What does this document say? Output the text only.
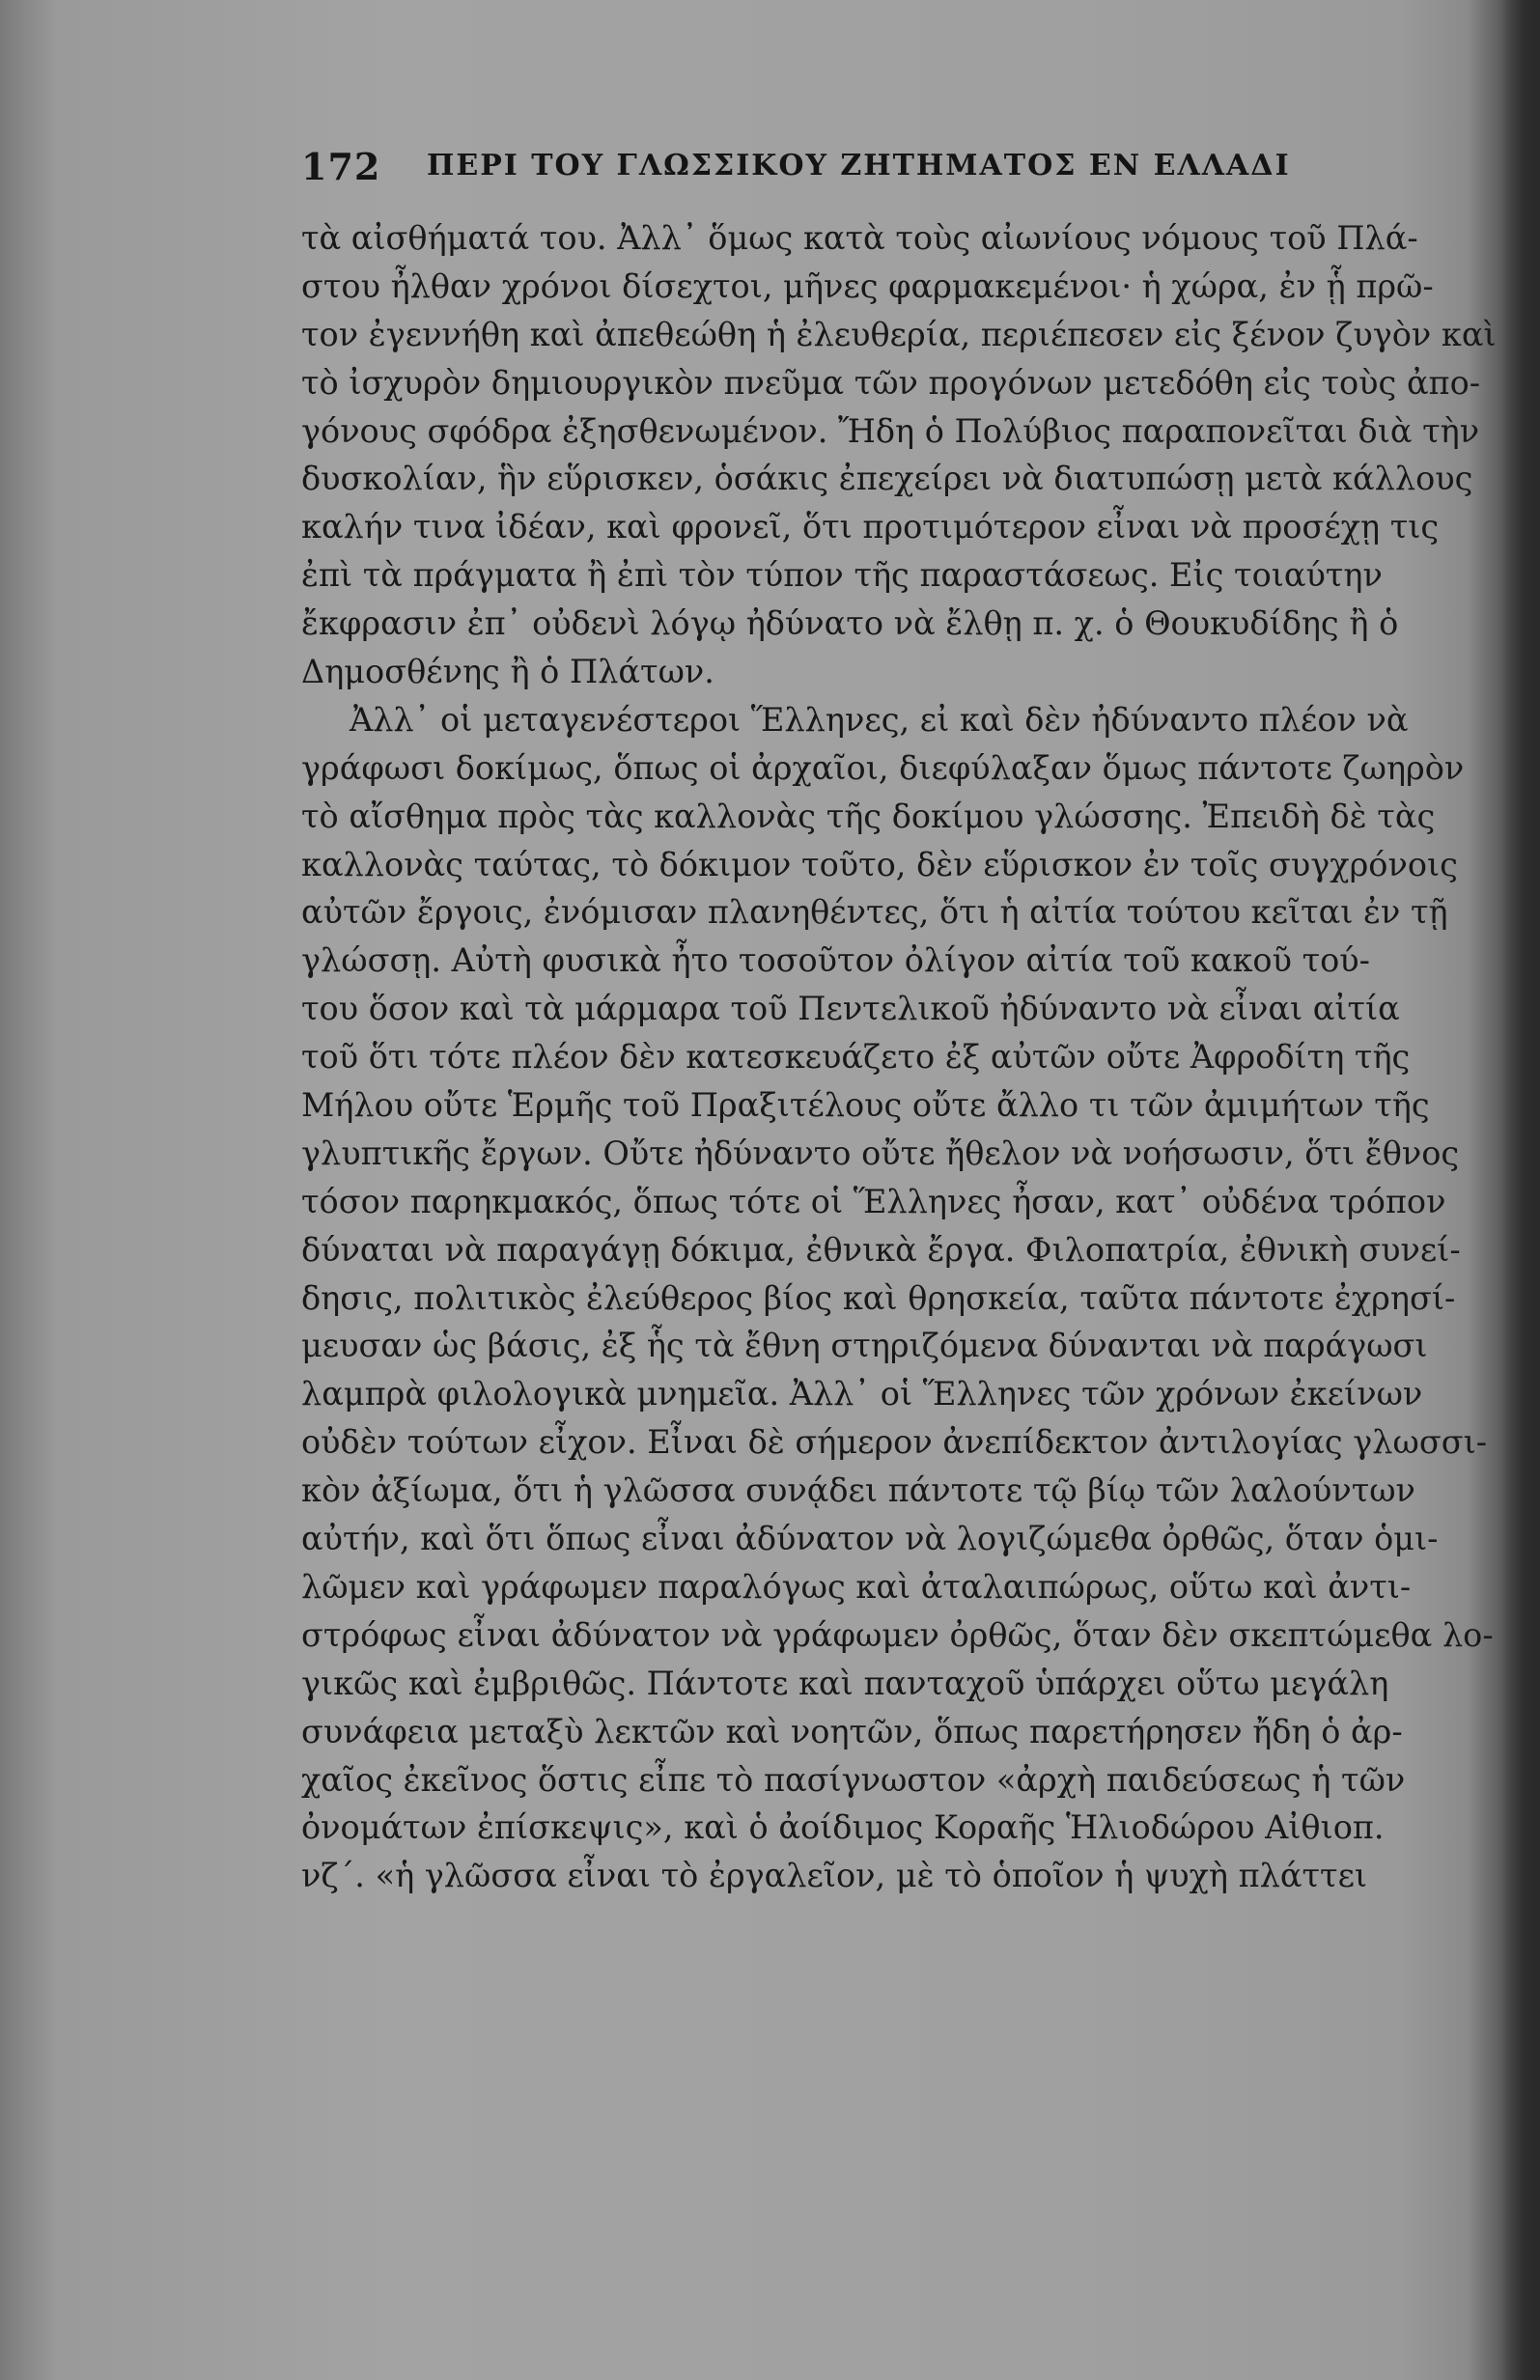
172 ΠΕΡΙ ΤΟΥ ΓΛΩΣΣΙΚΟΥ ΖΗΤΗΜΑΤΟΣ ΕΝ ΕΛΛΑΔΙ
τὰ αἰσθήματά του. Ἀλλ᾽ ὅμως κατὰ τοὺς αἰωνίους νόμους τοῦ Πλά-
στου ἦλθαν χρόνοι δίσεχτοι, μῆνες φαρμακεμένοι· ἡ χώρα, ἐν ᾗ πρῶ-
τον ἐγεννήθη καὶ ἀπεθεώθη ἡ ἐλευθερία, περιέπεσεν εἰς ξένον ζυγὸν καὶ
τὸ ἰσχυρὸν δημιουργικὸν πνεῦμα τῶν προγόνων μετεδόθη εἰς τοὺς ἀπο-
γόνους σφόδρα ἐξησθενωμένον. Ἤδη ὁ Πολύβιος παραπονεῖται διὰ τὴν
δυσκολίαν, ἣν εὕρισκεν, ὁσάκις ἐπεχείρει νὰ διατυπώσῃ μετὰ κάλλους
καλήν τινα ἰδέαν, καὶ φρονεῖ, ὅτι προτιμότερον εἶναι νὰ προσέχῃ τις
ἐπὶ τὰ πράγματα ἢ ἐπὶ τὸν τύπον τῆς παραστάσεως. Εἰς τοιαύτην
ἔκφρασιν ἐπ᾽ οὐδενὶ λόγῳ ἠδύνατο νὰ ἔλθῃ π. χ. ὁ Θουκυδίδης ἢ ὁ
Δημοσθένης ἢ ὁ Πλάτων.
Ἀλλ᾽ οἱ μεταγενέστεροι Ἕλληνες, εἰ καὶ δὲν ἠδύναντο πλέον νὰ
γράφωσι δοκίμως, ὅπως οἱ ἀρχαῖοι, διεφύλαξαν ὅμως πάντοτε ζωηρὸν
τὸ αἴσθημα πρὸς τὰς καλλονὰς τῆς δοκίμου γλώσσης. Ἐπειδὴ δὲ τὰς
καλλονὰς ταύτας, τὸ δόκιμον τοῦτο, δὲν εὕρισκον ἐν τοῖς συγχρόνοις
αὐτῶν ἔργοις, ἐνόμισαν πλανηθέντες, ὅτι ἡ αἰτία τούτου κεῖται ἐν τῇ
γλώσσῃ. Αὐτὴ φυσικὰ ἦτο τοσοῦτον ὀλίγον αἰτία τοῦ κακοῦ τού-
του ὅσον καὶ τὰ μάρμαρα τοῦ Πεντελικοῦ ἠδύναντο νὰ εἶναι αἰτία
τοῦ ὅτι τότε πλέον δὲν κατεσκευάζετο ἐξ αὐτῶν οὔτε Ἀφροδίτη τῆς
Μήλου οὔτε Ἑρμῆς τοῦ Πραξιτέλους οὔτε ἄλλο τι τῶν ἀμιμήτων τῆς
γλυπτικῆς ἔργων. Οὔτε ἠδύναντο οὔτε ἤθελον νὰ νοήσωσιν, ὅτι ἔθνος
τόσον παρηκμακός, ὅπως τότε οἱ Ἕλληνες ἦσαν, κατ᾽ οὐδένα τρόπον
δύναται νὰ παραγάγῃ δόκιμα, ἐθνικὰ ἔργα. Φιλοπατρία, ἐθνικὴ συνεί-
δησις, πολιτικὸς ἐλεύθερος βίος καὶ θρησκεία, ταῦτα πάντοτε ἐχρησί-
μευσαν ὡς βάσις, ἐξ ἧς τὰ ἔθνη στηριζόμενα δύνανται νὰ παράγωσι
λαμπρὰ φιλολογικὰ μνημεῖα. Ἀλλ᾽ οἱ Ἕλληνες τῶν χρόνων ἐκείνων
οὐδὲν τούτων εἶχον. Εἶναι δὲ σήμερον ἀνεπίδεκτον ἀντιλογίας γλωσσι-
κὸν ἀξίωμα, ὅτι ἡ γλῶσσα συνᾴδει πάντοτε τῷ βίῳ τῶν λαλούντων
αὐτήν, καὶ ὅτι ὅπως εἶναι ἀδύνατον νὰ λογιζώμεθα ὀρθῶς, ὅταν ὁμι-
λῶμεν καὶ γράφωμεν παραλόγως καὶ ἀταλαιπώρως, οὕτω καὶ ἀντι-
στρόφως εἶναι ἀδύνατον νὰ γράφωμεν ὀρθῶς, ὅταν δὲν σκεπτώμεθα λο-
γικῶς καὶ ἐμβριθῶς. Πάντοτε καὶ πανταχοῦ ὑπάρχει οὕτω μεγάλη
συνάφεια μεταξὺ λεκτῶν καὶ νοητῶν, ὅπως παρετήρησεν ἤδη ὁ ἀρ-
χαῖος ἐκεῖνος ὅστις εἶπε τὸ πασίγνωστον «ἀρχὴ παιδεύσεως ἡ τῶν
ὀνομάτων ἐπίσκεψις», καὶ ὁ ἀοίδιμος Κοραῆς Ἡλιοδώρου Αἰθιοπ.
νζ´. «ἡ γλῶσσα εἶναι τὸ ἐργαλεῖον, μὲ τὸ ὁποῖον ἡ ψυχὴ πλάττει
